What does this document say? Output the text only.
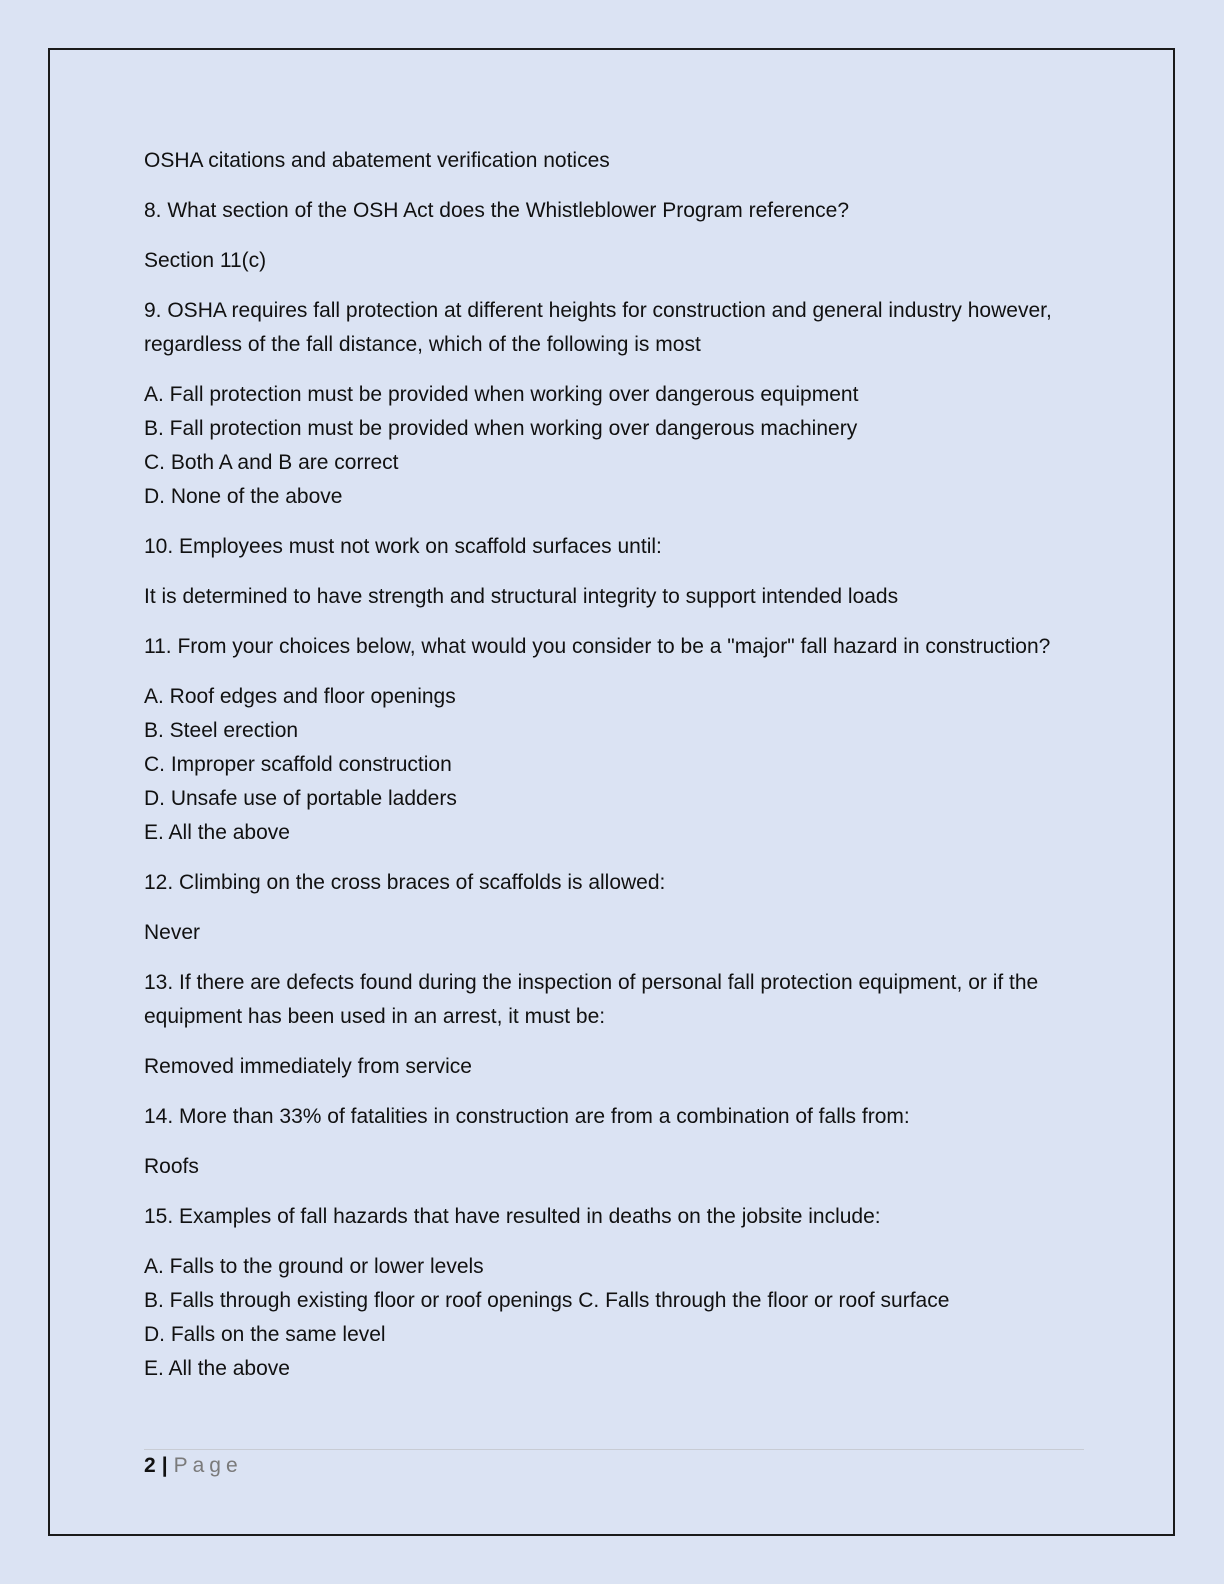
OSHA citations and abatement verification notices

8. What section of the OSH Act does the Whistleblower Program reference?

Section 11(c)

9. OSHA requires fall protection at different heights for construction and general industry however, regardless of the fall distance, which of the following is most

A. Fall protection must be provided when working over dangerous equipment
B. Fall protection must be provided when working over dangerous machinery
C. Both A and B are correct
D. None of the above

10. Employees must not work on scaffold surfaces until:

It is determined to have strength and structural integrity to support intended loads

11. From your choices below, what would you consider to be a "major" fall hazard in construction?

A. Roof edges and floor openings
B. Steel erection
C. Improper scaffold construction
D. Unsafe use of portable ladders
E. All the above

12. Climbing on the cross braces of scaffolds is allowed:

Never

13. If there are defects found during the inspection of personal fall protection equipment, or if the equipment has been used in an arrest, it must be:

Removed immediately from service

14. More than 33% of fatalities in construction are from a combination of falls from:

Roofs

15. Examples of fall hazards that have resulted in deaths on the jobsite include:

A. Falls to the ground or lower levels
B. Falls through existing floor or roof openings C. Falls through the floor or roof surface
D. Falls on the same level
E. All the above
2 | Page
